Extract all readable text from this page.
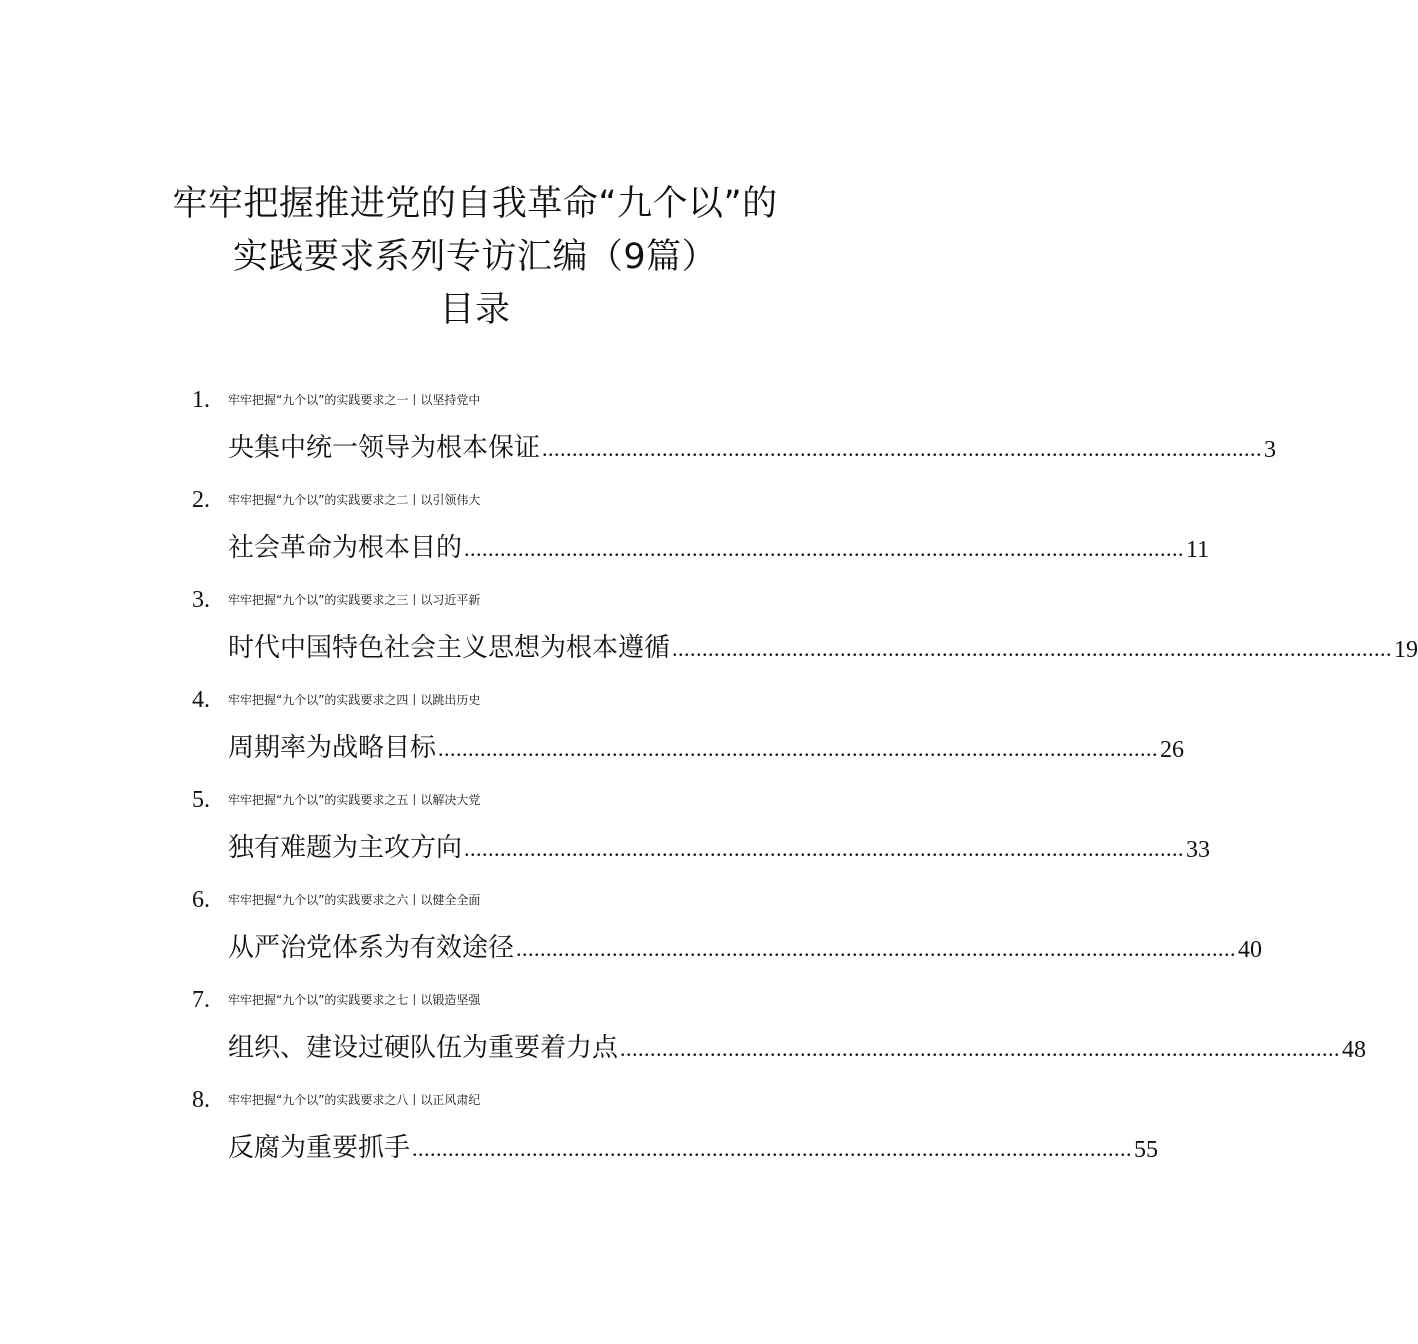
牢牢把握推进党的自我革命“九个以”的
实践要求系列专访汇编（9篇）
目录
1.	牢牢把握“九个以”的实践要求之一丨以坚持党中
央集中统一领导为根本保证 ........................................................................................................................ 3
2.	牢牢把握“九个以”的实践要求之二丨以引领伟大
社会革命为根本目的 ........................................................................................................................ 11
3.	牢牢把握“九个以”的实践要求之三丨以习近平新
时代中国特色社会主义思想为根本遵循 ........................................................................................................................ 19
4.	牢牢把握“九个以”的实践要求之四丨以跳出历史
周期率为战略目标 ........................................................................................................................ 26
5.	牢牢把握“九个以”的实践要求之五丨以解决大党
独有难题为主攻方向 ........................................................................................................................ 33
6.	牢牢把握“九个以”的实践要求之六丨以健全全面
从严治党体系为有效途径 ........................................................................................................................ 40
7.	牢牢把握“九个以”的实践要求之七丨以锻造坚强
组织、建设过硬队伍为重要着力点 ........................................................................................................................ 48
8.	牢牢把握“九个以”的实践要求之八丨以正风肃纪
反腐为重要抓手 ........................................................................................................................ 55
